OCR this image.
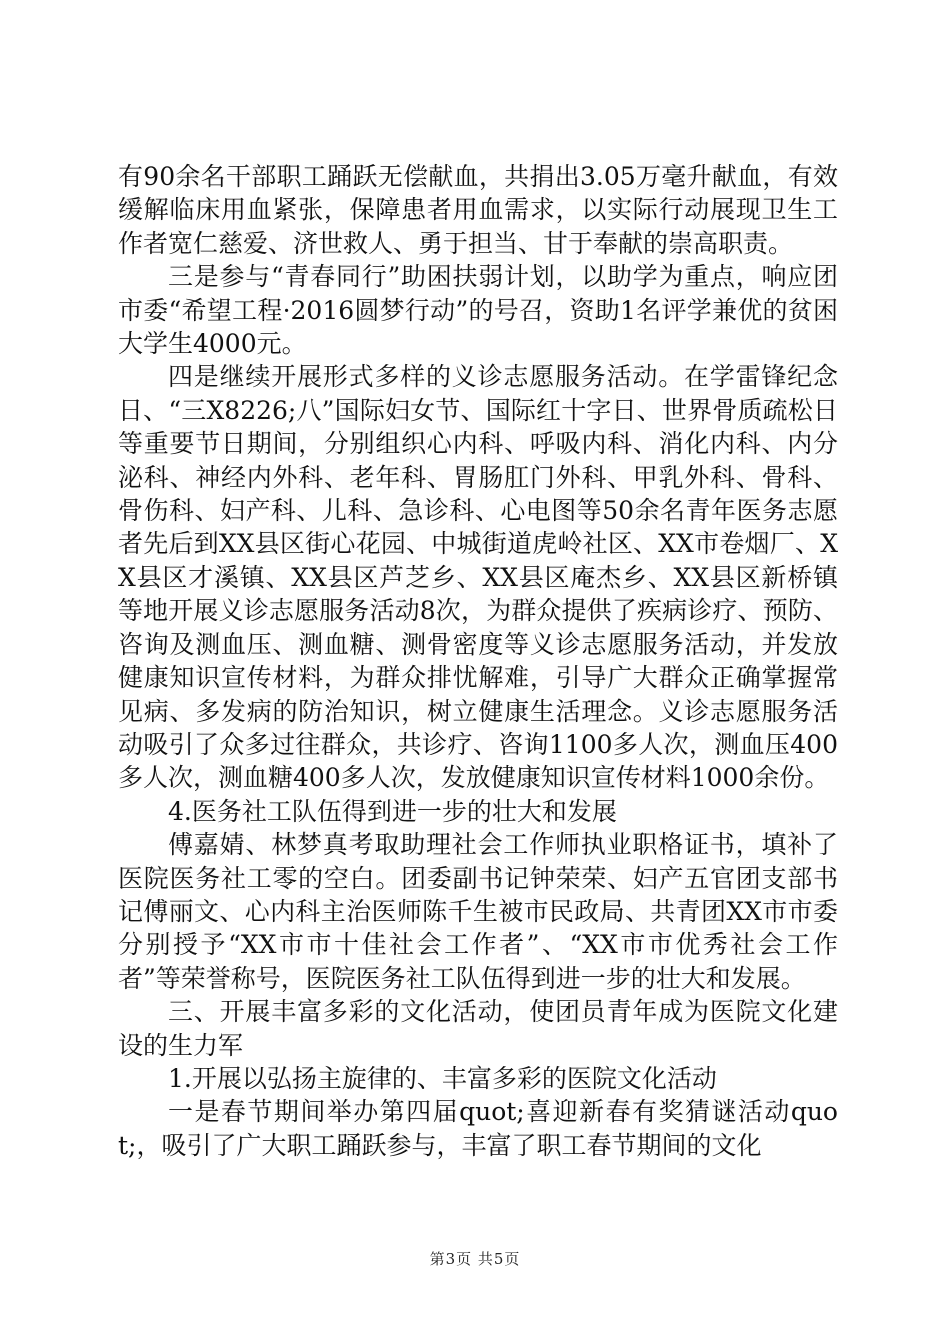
有90余名干部职工踊跃无偿献血，共捐出3.05万毫升献血，有效缓解临床用血紧张，保障患者用血需求，以实际行动展现卫生工作者宽仁慈爱、济世救人、勇于担当、甘于奉献的崇高职责。

三是参与“青春同行”助困扶弱计划，以助学为重点，响应团市委“希望工程·2016圆梦行动”的号召，资助1名评学兼优的贫困大学生4000元。

四是继续开展形式多样的义诊志愿服务活动。在学雷锋纪念日、“三X8226;八”国际妇女节、国际红十字日、世界骨质疏松日等重要节日期间，分别组织心内科、呼吸内科、消化内科、内分泌科、神经内外科、老年科、胃肠肛门外科、甲乳外科、骨科、骨伤科、妇产科、儿科、急诊科、心电图等50余名青年医务志愿者先后到XX县区街心花园、中城街道虎岭社区、XX市卷烟厂、XX县区才溪镇、XX县区芦芝乡、XX县区庵杰乡、XX县区新桥镇等地开展义诊志愿服务活动8次，为群众提供了疾病诊疗、预防、咨询及测血压、测血糖、测骨密度等义诊志愿服务活动，并发放健康知识宣传材料，为群众排忧解难，引导广大群众正确掌握常见病、多发病的防治知识，树立健康生活理念。义诊志愿服务活动吸引了众多过往群众，共诊疗、咨询1100多人次，测血压400多人次，测血糖400多人次，发放健康知识宣传材料1000余份。

4.医务社工队伍得到进一步的壮大和发展

傅嘉婧、林梦真考取助理社会工作师执业职格证书，填补了医院医务社工零的空白。团委副书记钟荣荣、妇产五官团支部书记傅丽文、心内科主治医师陈千生被市民政局、共青团XX市市委分别授予“XX市市十佳社会工作者”、“XX市市优秀社会工作者”等荣誉称号，医院医务社工队伍得到进一步的壮大和发展。

三、开展丰富多彩的文化活动，使团员青年成为医院文化建设的生力军

1.开展以弘扬主旋律的、丰富多彩的医院文化活动

一是春节期间举办第四届quot;喜迎新春有奖猜谜活动quot;，吸引了广大职工踊跃参与，丰富了职工春节期间的文化

第3页 共5页
